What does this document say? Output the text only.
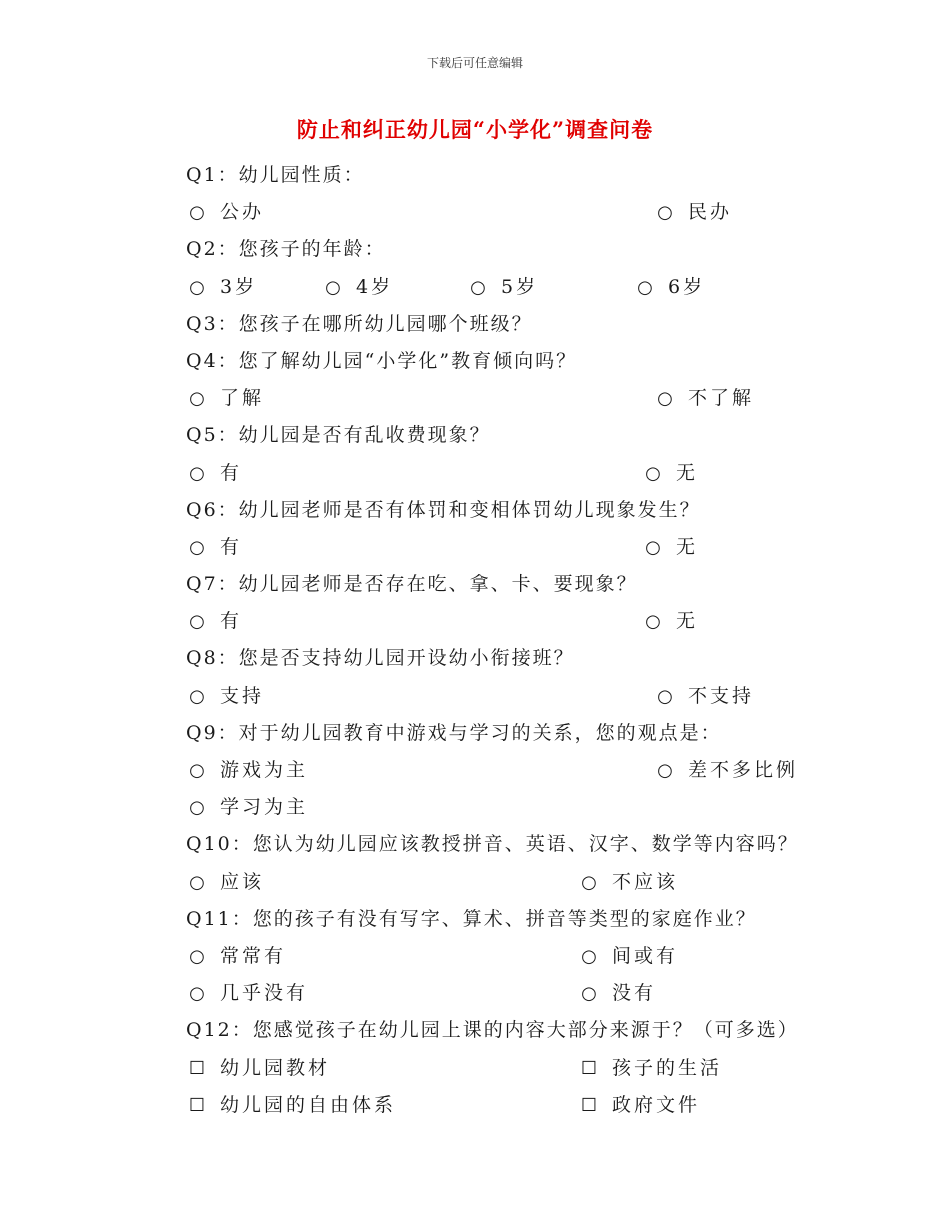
下载后可任意编辑
防止和纠正幼儿园“小学化”调查问卷
Q1：幼儿园性质：
○ 公办	○ 民办
Q2：您孩子的年龄：
○ 3岁	○ 4岁	○ 5岁	○ 6岁
Q3：您孩子在哪所幼儿园哪个班级？
Q4：您了解幼儿园“小学化”教育倾向吗？
○ 了解	○ 不了解
Q5：幼儿园是否有乱收费现象？
○ 有	○ 无
Q6：幼儿园老师是否有体罚和变相体罚幼儿现象发生？
○ 有	○ 无
Q7：幼儿园老师是否存在吃、拿、卡、要现象？
○ 有	○ 无
Q8：您是否支持幼儿园开设幼小衔接班？
○ 支持	○ 不支持
Q9：对于幼儿园教育中游戏与学习的关系，您的观点是：
○ 游戏为主	○ 差不多比例
○ 学习为主
Q10：您认为幼儿园应该教授拼音、英语、汉字、数学等内容吗？
○ 应该	○ 不应该
Q11：您的孩子有没有写字、算术、拼音等类型的家庭作业？
○ 常常有	○ 间或有
○ 几乎没有	○ 没有
Q12：您感觉孩子在幼儿园上课的内容大部分来源于？（可多选）
☐ 幼儿园教材	☐ 孩子的生活
☐ 幼儿园的自由体系	☐ 政府文件
